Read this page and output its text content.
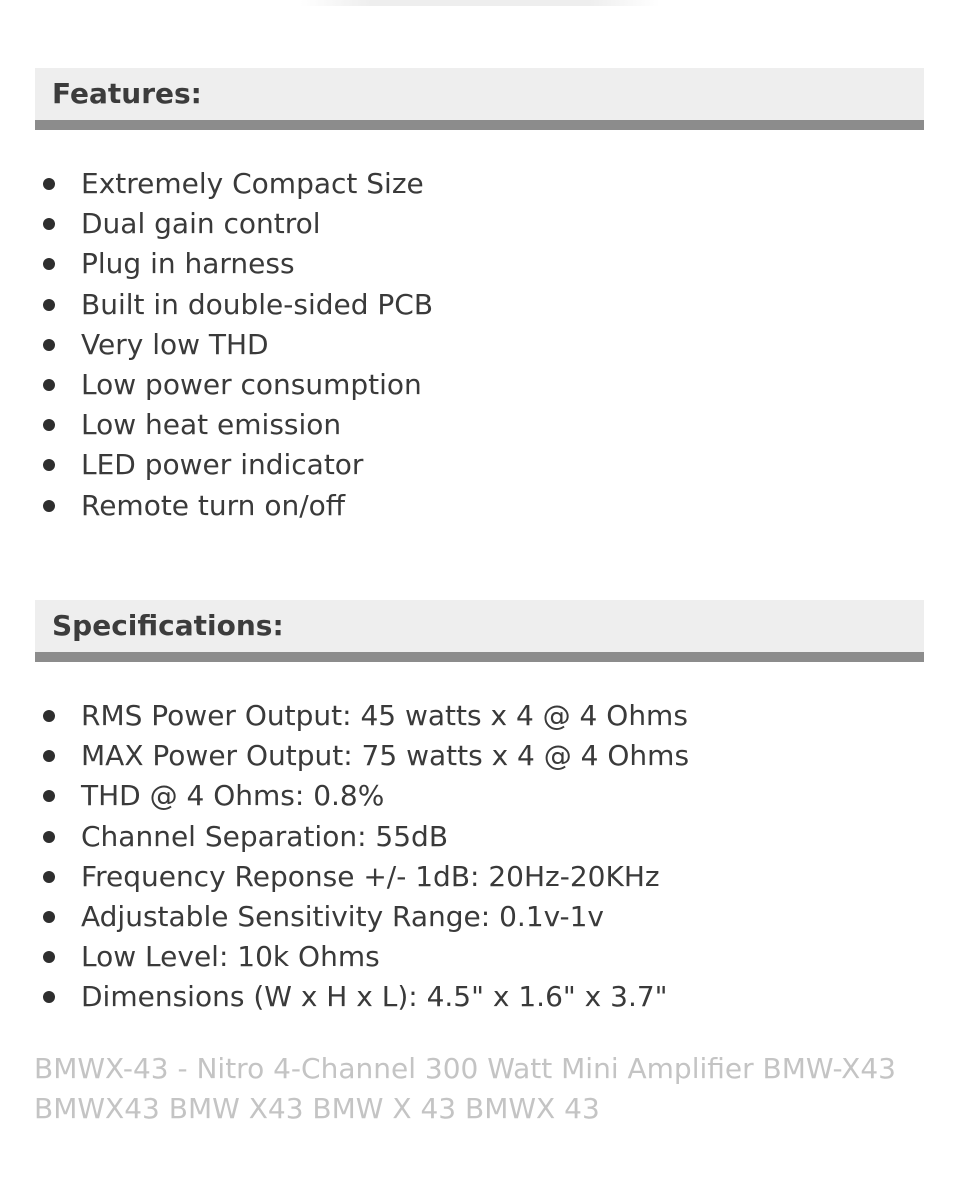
Features:
Extremely Compact Size
Dual gain control
Plug in harness
Built in double-sided PCB
Very low THD
Low power consumption
Low heat emission
LED power indicator
Remote turn on/off
Specifications:
RMS Power Output: 45 watts x 4 @ 4 Ohms
MAX Power Output: 75 watts x 4 @ 4 Ohms
THD @ 4 Ohms: 0.8%
Channel Separation: 55dB
Frequency Reponse +/- 1dB: 20Hz-20KHz
Adjustable Sensitivity Range: 0.1v-1v
Low Level: 10k Ohms
Dimensions (W x H x L): 4.5" x 1.6" x 3.7"
BMWX-43 - Nitro 4-Channel 300 Watt Mini Amplifier BMW-X43 BMWX43 BMW X43 BMW X 43 BMWX 43
